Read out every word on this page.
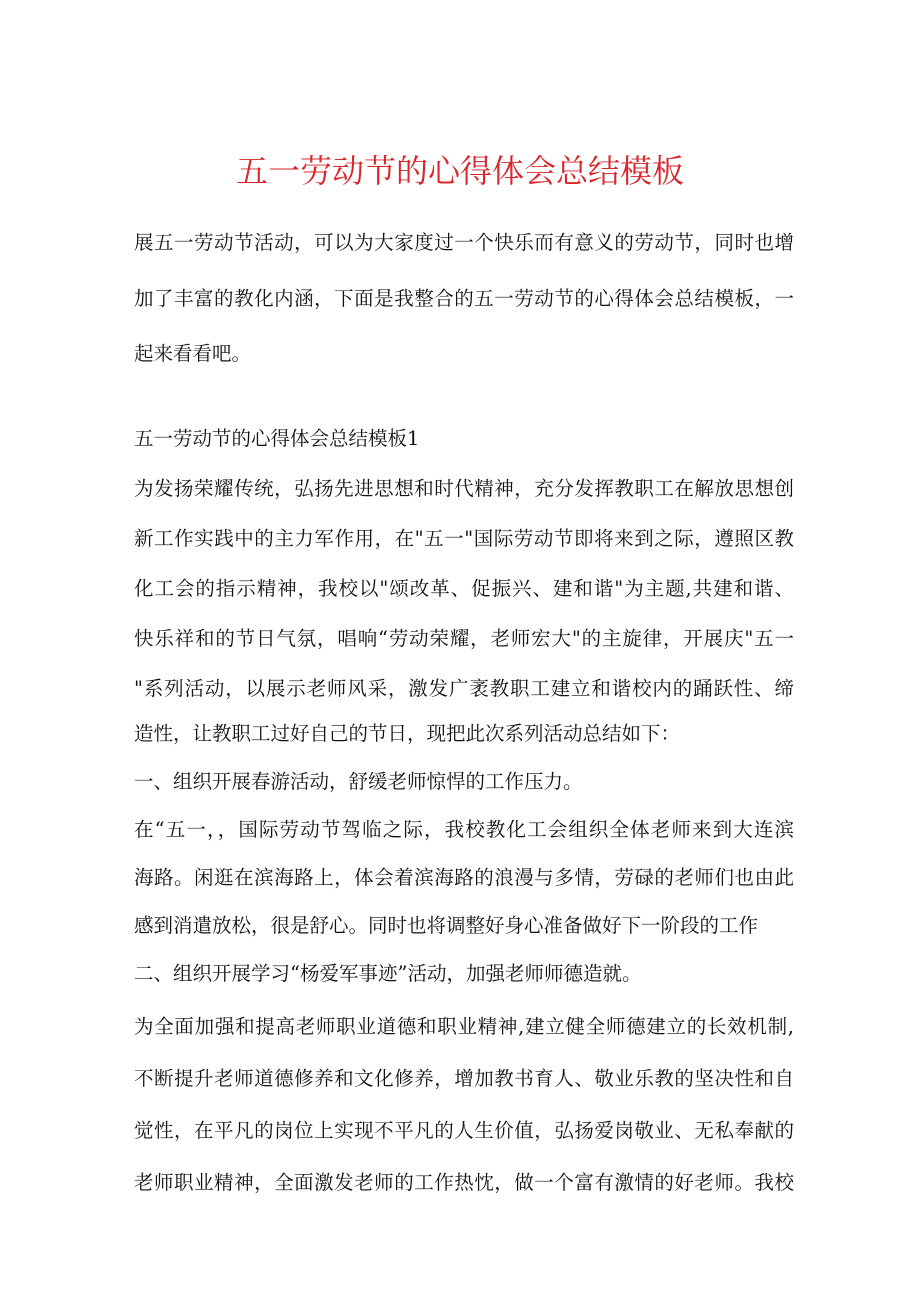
五一劳动节的心得体会总结模板
展五一劳动节活动，可以为大家度过一个快乐而有意义的劳动节，同时也增
加了丰富的教化内涵，下面是我整合的五一劳动节的心得体会总结模板，一
起来看看吧。
五一劳动节的心得体会总结模板1
为发扬荣耀传统，弘扬先进思想和时代精神，充分发挥教职工在解放思想创
新工作实践中的主力军作用，在"五一"国际劳动节即将来到之际，遵照区教
化工会的指示精神，我校以"颂改革、促振兴、建和谐"为主题,共建和谐、
快乐祥和的节日气氛，唱响“劳动荣耀，老师宏大"的主旋律，开展庆"五一
"系列活动，以展示老师风采，激发广袤教职工建立和谐校内的踊跃性、缔
造性，让教职工过好自己的节日，现把此次系列活动总结如下：
一、组织开展春游活动，舒缓老师惊悍的工作压力。
在“五一，，国际劳动节驾临之际，我校教化工会组织全体老师来到大连滨
海路。闲逛在滨海路上，体会着滨海路的浪漫与多情，劳碌的老师们也由此
感到消遣放松，很是舒心。同时也将调整好身心准备做好下一阶段的工作
二、组织开展学习“杨爱军事迹”活动，加强老师师德造就。
为全面加强和提高老师职业道德和职业精神,建立健全师德建立的长效机制,
不断提升老师道德修养和文化修养，增加教书育人、敬业乐教的坚决性和自
觉性，在平凡的岗位上实现不平凡的人生价值，弘扬爱岗敬业、无私奉献的
老师职业精神，全面激发老师的工作热忱，做一个富有激情的好老师。我校
